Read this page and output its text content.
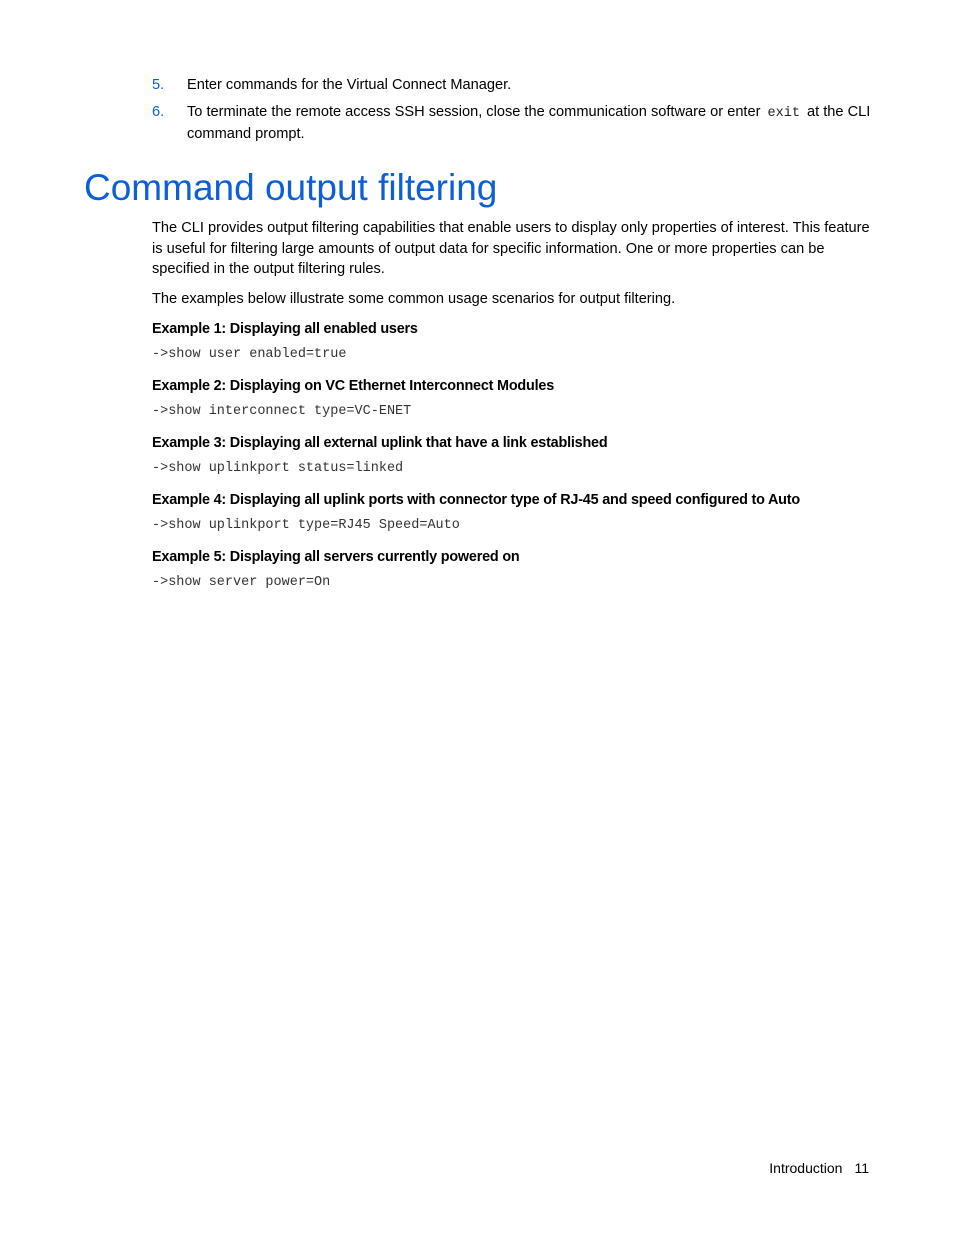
5.	Enter commands for the Virtual Connect Manager.
6.	To terminate the remote access SSH session, close the communication software or enter exit at the CLI command prompt.
Command output filtering

The CLI provides output filtering capabilities that enable users to display only properties of interest. This feature is useful for filtering large amounts of output data for specific information. One or more properties can be specified in the output filtering rules.

The examples below illustrate some common usage scenarios for output filtering.

Example 1: Displaying all enabled users

->show user enabled=true

Example 2: Displaying on VC Ethernet Interconnect Modules

->show interconnect type=VC-ENET

Example 3: Displaying all external uplink that have a link established

->show uplinkport status=linked

Example 4: Displaying all uplink ports with connector type of RJ-45 and speed configured to Auto

->show uplinkport type=RJ45 Speed=Auto

Example 5: Displaying all servers currently powered on

->show server power=On
Introduction 11
